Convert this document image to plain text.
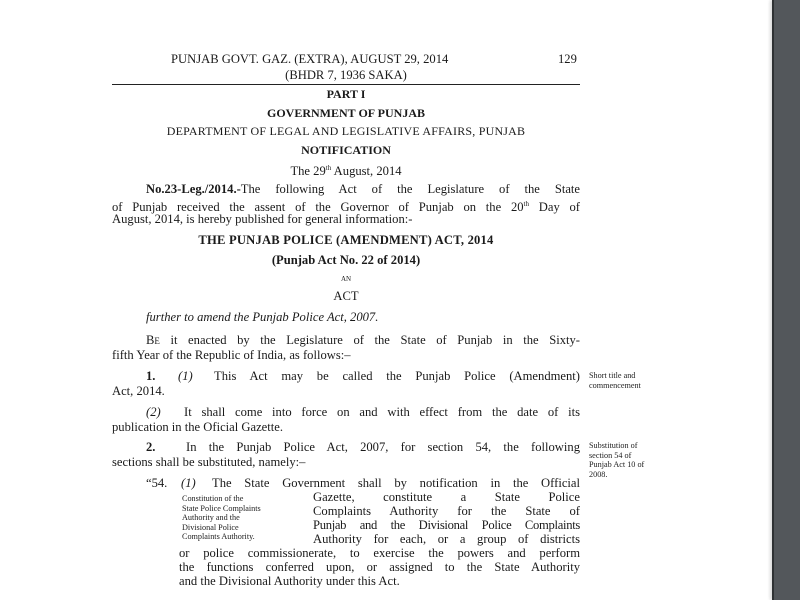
PUNJAB GOVT. GAZ. (EXTRA), AUGUST 29, 2014	129
(BHDR 7, 1936 SAKA)
PART I
GOVERNMENT OF PUNJAB
DEPARTMENT OF LEGAL AND LEGISLATIVE AFFAIRS, PUNJAB
NOTIFICATION
The 29th August, 2014
No.23-Leg./2014.-The following Act of the Legislature of the State
of Punjab received the assent of the Governor of Punjab on the 20th Day of
August, 2014, is hereby published for general information:-
THE PUNJAB POLICE (AMENDMENT) ACT, 2014
(Punjab Act No. 22 of 2014)
AN
ACT
further to amend the Punjab Police Act, 2007.
BE it enacted by the Legislature of the State of Punjab in the Sixty-
fifth Year of the Republic of India, as follows:–
1. (1) This Act may be called the Punjab Police (Amendment)
Act, 2014.
(2) It shall come into force on and with effect from the date of its
publication in the Oficial Gazette.
Short title and
commencement
2. In the Punjab Police Act, 2007, for section 54, the following
sections shall be substituted, namely:–
Substitution of
section 54 of
Punjab Act 10 of
2008.
“54. (1) The State Government shall by notification in the Official
Constitution of the
State Police Complaints
Authority and the
Divisional Police
Complaints Authority.
Gazette, constitute a State Police
Complaints Authority for the State of
Punjab and the Divisional Police Complaints
Authority for each, or a group of districts
or police commissionerate, to exercise the powers and perform
the functions conferred upon, or assigned to the State Authority
and the Divisional Authority under this Act.
